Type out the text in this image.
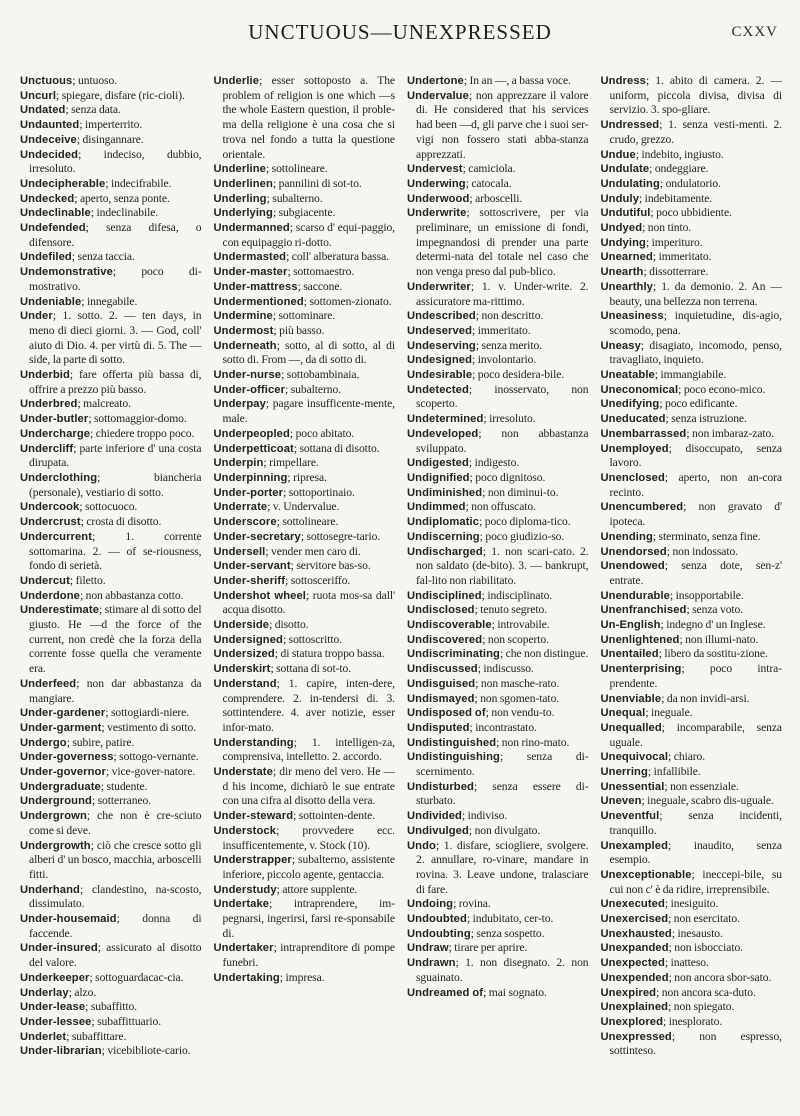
UNCTUOUS—UNEXPRESSED	CXXV

Unctuous; untuoso.

Uncurl; spiegare, disfare (ric-cioli).

Undated; senza data.

Undaunted; imperterrito.

Undeceive; disingannare.

Undecided; indeciso, dubbio, irresoluto.

Undecipherable; indecifrabile.

Undecked; aperto, senza ponte.

Undeclinable; indeclinabile.

Undefended; senza difesa, o difensore.

Undefiled; senza taccia.

Undemonstrative; poco di-mostrativo.

Undeniable; innegabile.

Under; 1. sotto. 2. — ten days, in meno di dieci giorni. 3. — God, coll' aiuto di Dio. 4. per virtù di. 5. The — side, la parte di sotto.

Underbid; fare offerta più bassa di, offrire a prezzo più basso.

Underbred; malcreato.

Under-butler; sottomaggior-domo.

Undercharge; chiedere troppo poco.

Undercliff; parte inferiore d' una costa dirupata.

Underclothing; biancheria (personale), vestiario di sotto.

Undercook; sottocuoco.

Undercrust; crosta di disotto.

Undercurrent; 1. corrente sottomarina. 2. — of se-riousness, fondo di serietà.

Undercut; filetto.

Underdone; non abbastanza cotto.

Underestimate; stimare al di sotto del giusto. He —d the force of the current, non credè che la forza della corrente fosse quella che veramente era.

Underfeed; non dar abbastanza da mangiare.

Under-gardener; sottogiardi-niere.

Under-garment; vestimento di sotto.

Undergo; subire, patire.

Under-governess; sottogo-vernante.

Under-governor; vice-gover-natore.

Undergraduate; studente.

Underground; sotterraneo.

Undergrown; che non è cre-sciuto come si deve.

Undergrowth; ciò che cresce sotto gli alberi d' un bosco, macchia, arboscelli fitti.

Underhand; clandestino, na-scosto, dissimulato.

Under-housemaid; donna di faccende.

Under-insured; assicurato al disotto del valore.

Underkeeper; sottoguardacac-cia.

Underlay; alzo.

Under-lease; subaffitto.

Under-lessee; subaffittuario.

Underlet; subaffittare.

Under-librarian; vicebibliote-cario.

Underlie; esser sottoposto a. The problem of religion is one which —s the whole Eastern question, il proble-ma della religione è una cosa che si trova nel fondo a tutta la questione orientale.

Underline; sottolineare.

Underlinen; pannilini di sot-to.

Underling; subalterno.

Underlying; subgiacente.

Undermanned; scarso d' equi-paggio, con equipaggio ri-dotto.

Undermasted; coll' alberatura bassa.

Under-master; sottomaestro.

Under-mattress; saccone.

Undermentioned; sottomen-zionato.

Undermine; sottominare.

Undermost; più basso.

Underneath; sotto, al di sotto, al di sotto di. From —, da di sotto di.

Under-nurse; sottobambinaia.

Under-officer; subalterno.

Underpay; pagare insufficente-mente, male.

Underpeopled; poco abitato.

Underpetticoat; sottana di disotto.

Underpin; rimpellare.

Underpinning; ripresa.

Under-porter; sottoportinaio.

Underrate; v. Undervalue.

Underscore; sottolineare.

Under-secretary; sottosegre-tario.

Undersell; vender men caro di.

Under-servant; servitore bas-so.

Under-sheriff; sottosceriffo.

Undershot wheel; ruota mos-sa dall' acqua disotto.

Underside; disotto.

Undersigned; sottoscritto.

Undersized; di statura troppo bassa.

Underskirt; sottana di sot-to.

Understand; 1. capire, inten-dere, comprendere. 2. in-tendersi di. 3. sottintendere. 4. aver notizie, esser infor-mato.

Understanding; 1. intelligen-za, comprensiva, intelletto. 2. accordo.

Understate; dir meno del vero. He —d his income, dichiarò le sue entrate con una cifra al disotto della vera.

Under-steward; sottointen-dente.

Understock; provvedere ecc. insufficentemente, v. Stock (10).

Understrapper; subalterno, assistente inferiore, piccolo agente, gentaccia.

Understudy; attore supplente.

Undertake; intraprendere, im-pegnarsi, ingerirsi, farsi re-sponsabile di.

Undertaker; intraprenditore di pompe funebri.

Undertaking; impresa.

Undertone; In an —, a bassa voce.

Undervalue; non apprezzare il valore di. He considered that his services had been —d, gli parve che i suoi ser-vigi non fossero stati abba-stanza apprezzati.

Undervest; camiciola.

Underwing; catocala.

Underwood; arboscelli.

Underwrite; sottoscrivere, per via preliminare, un emissione di fondi, impegnandosi di prender una parte determi-nata del totale nel caso che non venga preso dal pub-blico.

Underwriter; 1. v. Under-write. 2. assicuratore ma-rittimo.

Undescribed; non descritto.

Undeserved; immeritato.

Undeserving; senza merito.

Undesigned; involontario.

Undesirable; poco desidera-bile.

Undetected; inosservato, non scoperto.

Undetermined; irresoluto.

Undeveloped; non abbastanza sviluppato.

Undigested; indigesto.

Undignified; poco dignitoso.

Undiminished; non diminui-to.

Undimmed; non offuscato.

Undiplomatic; poco diploma-tico.

Undiscerning; poco giudizio-so.

Undischarged; 1. non scari-cato. 2. non saldato (de-bito). 3. — bankrupt, fal-lito non riabilitato.

Undisciplined; indisciplinato.

Undisclosed; tenuto segreto.

Undiscoverable; introvabile.

Undiscovered; non scoperto.

Undiscriminating; che non distingue.

Undiscussed; indiscusso.

Undisguised; non masche-rato.

Undismayed; non sgomen-tato.

Undisposed of; non vendu-to.

Undisputed; incontrastato.

Undistinguished; non rino-mato.

Undistinguishing; senza di-scernimento.

Undisturbed; senza essere di-sturbato.

Undivided; indiviso.

Undivulged; non divulgato.

Undo; 1. disfare, sciogliere, svolgere. 2. annullare, ro-vinare, mandare in rovina. 3. Leave undone, tralasciare di fare.

Undoing; rovina.

Undoubted; indubitato, cer-to.

Undoubting; senza sospetto.

Undraw; tirare per aprire.

Undrawn; 1. non disegnato. 2. non sguainato.

Undreamed of; mai sognato.

Undress; 1. abito di camera. 2. — uniform, piccola divisa, divisa di servizio. 3. spo-gliare.

Undressed; 1. senza vesti-menti. 2. crudo, grezzo.

Undue; indebito, ingiusto.

Undulate; ondeggiare.

Undulating; ondulatorio.

Unduly; indebitamente.

Undutiful; poco ubbidiente.

Undyed; non tinto.

Undying; imperituro.

Unearned; immeritato.

Unearth; dissotterrare.

Unearthly; 1. da demonio. 2. An — beauty, una bellezza non terrena.

Uneasiness; inquietudine, dis-agio, scomodo, pena.

Uneasy; disagiato, incomodo, penso, travagliato, inquieto.

Uneatable; immangiabile.

Uneconomical; poco econo-mico.

Unedifying; poco edificante.

Uneducated; senza istruzione.

Unembarrassed; non imbaraz-zato.

Unemployed; disoccupato, senza lavoro.

Unenclosed; aperto, non an-cora recinto.

Unencumbered; non gravato d' ipoteca.

Unending; sterminato, senza fine.

Unendorsed; non indossato.

Unendowed; senza dote, sen-z' entrate.

Unendurable; insopportabile.

Unenfranchised; senza voto.

Un-English; indegno d' un Inglese.

Unenlightened; non illumi-nato.

Unentailed; libero da sostitu-zione.

Unenterprising; poco intra-prendente.

Unenviable; da non invidi-arsi.

Unequal; ineguale.

Unequalled; incomparabile, senza uguale.

Unequivocal; chiaro.

Unerring; infallibile.

Unessential; non essenziale.

Uneven; ineguale, scabro dis-uguale.

Uneventful; senza incidenti, tranquillo.

Unexampled; inaudito, senza esempio.

Unexceptionable; ineccepi-bile, su cui non c' è da ridire, irreprensibile.

Unexecuted; inesiguito.

Unexercised; non esercitato.

Unexhausted; inesausto.

Unexpanded; non isbocciato.

Unexpected; inatteso.

Unexpended; non ancora sbor-sato.

Unexpired; non ancora sca-duto.

Unexplained; non spiegato.

Unexplored; inesplorato.

Unexpressed; non espresso, sottinteso.
